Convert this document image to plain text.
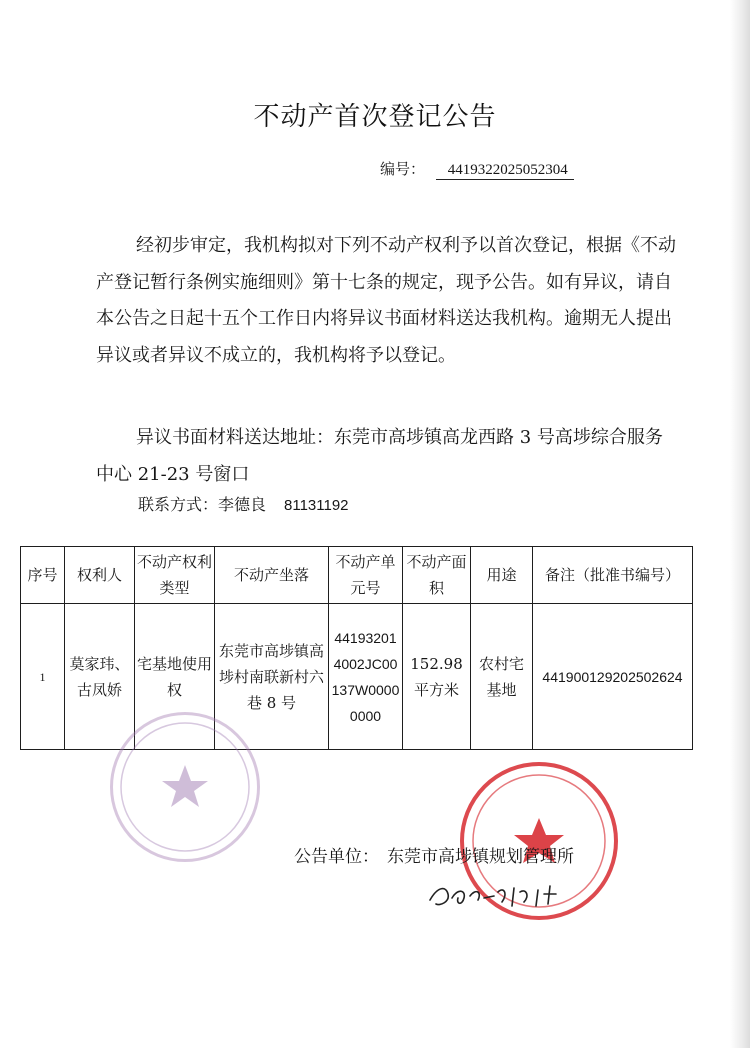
不动产首次登记公告
编号： 4419322025052304

经初步审定，我机构拟对下列不动产权利予以首次登记，根据《不动产登记暂行条例实施细则》第十七条的规定，现予公告。如有异议，请自本公告之日起十五个工作日内将异议书面材料送达我机构。逾期无人提出异议或者异议不成立的，我机构将予以登记。

异议书面材料送达地址：东莞市高埗镇高龙西路 3 号高埗综合服务中心 21-23 号窗口

联系方式：李德良 81131192
序号	权利人	不动产权利类型	不动产坐落	不动产单元号	不动产面积	用途	备注（批准书编号）
1	莫家玮、古凤娇	宅基地使用权	东莞市高埗镇高埗村南联新村六巷 8 号	441932014002JC00137W00000000	152.98 平方米	农村宅基地	441900129202502624
公告单位： 东莞市高埗镇规划管理所
